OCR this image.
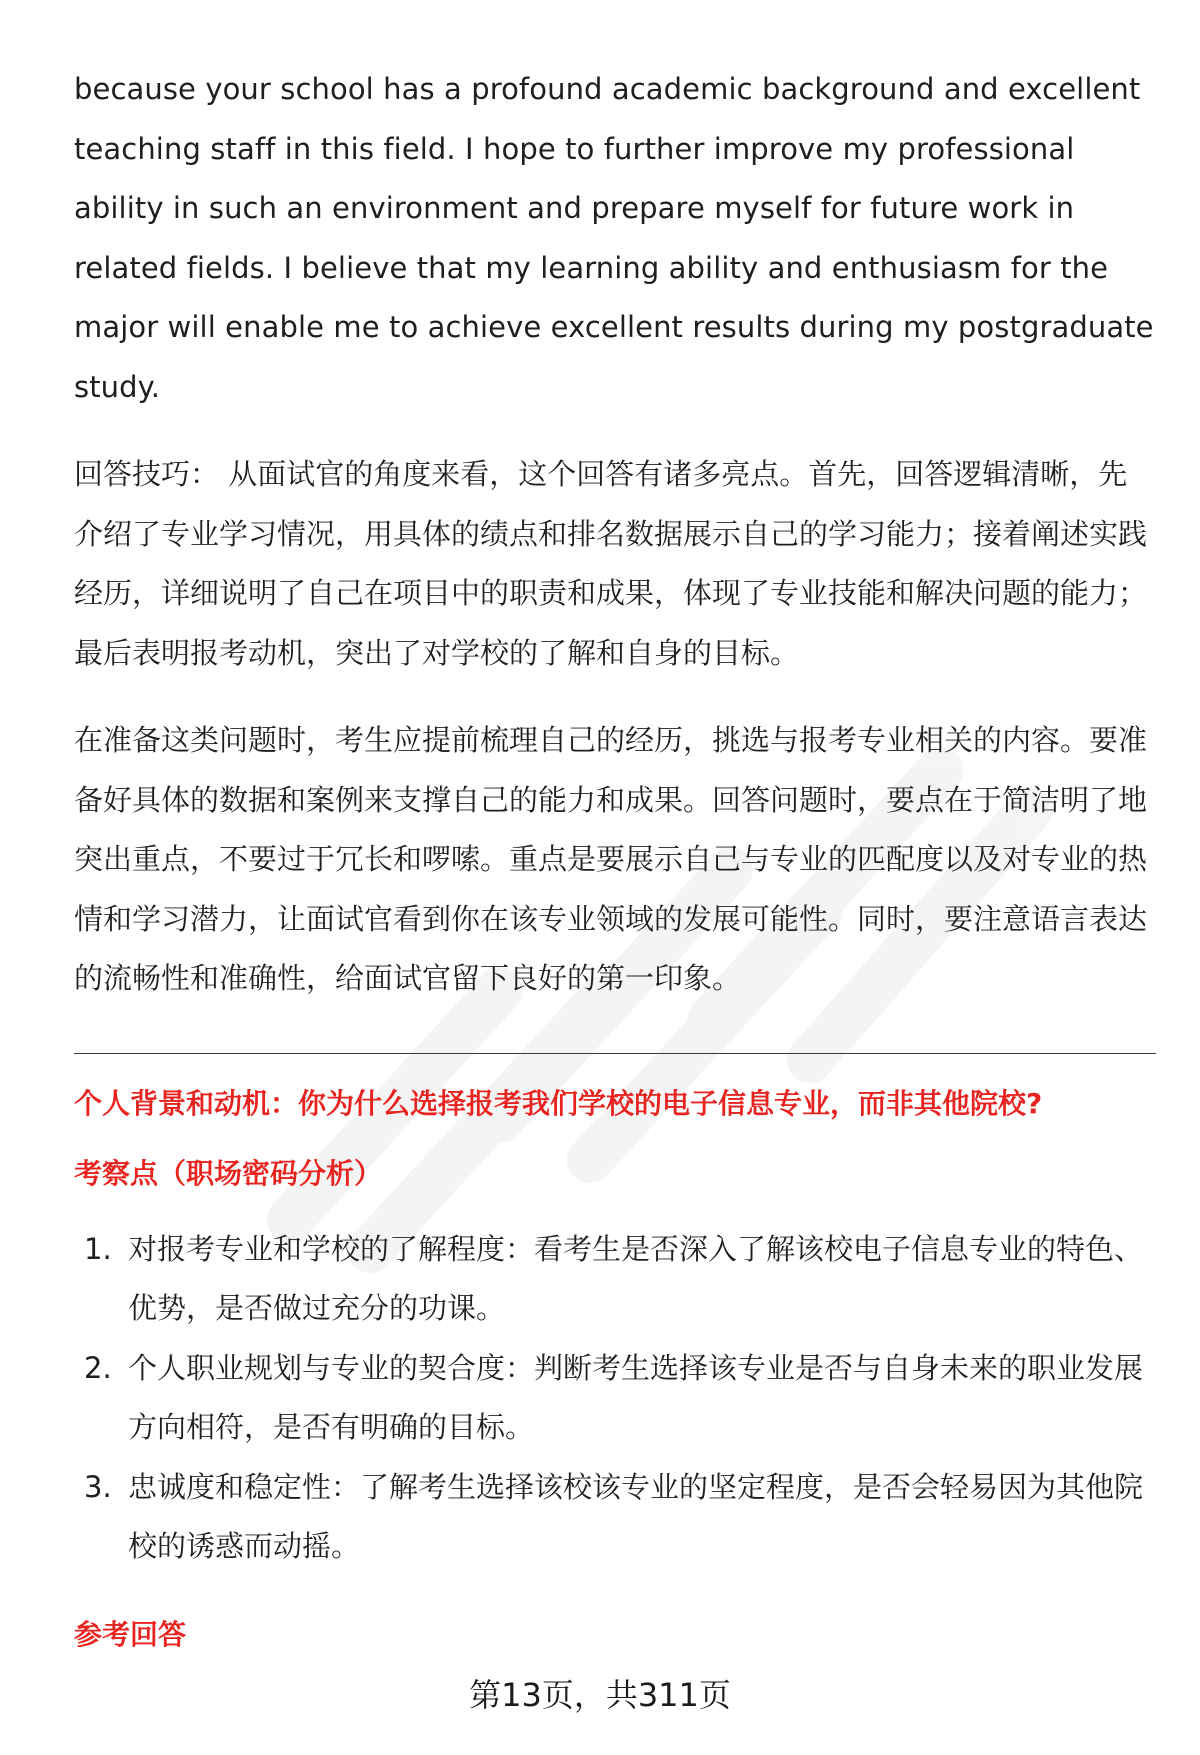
because your school has a profound academic background and excellent teaching staff in this field. I hope to further improve my professional ability in such an environment and prepare myself for future work in related fields. I believe that my learning ability and enthusiasm for the major will enable me to achieve excellent results during my postgraduate study.

回答技巧： 从面试官的角度来看，这个回答有诸多亮点。首先，回答逻辑清晰，先介绍了专业学习情况，用具体的绩点和排名数据展示自己的学习能力；接着阐述实践经历，详细说明了自己在项目中的职责和成果，体现了专业技能和解决问题的能力；最后表明报考动机，突出了对学校的了解和自身的目标。

在准备这类问题时，考生应提前梳理自己的经历，挑选与报考专业相关的内容。要准备好具体的数据和案例来支撑自己的能力和成果。回答问题时，要点在于简洁明了地突出重点，不要过于冗长和啰嗦。重点是要展示自己与专业的匹配度以及对专业的热情和学习潜力，让面试官看到你在该专业领域的发展可能性。同时，要注意语言表达的流畅性和准确性，给面试官留下良好的第一印象。

个人背景和动机：你为什么选择报考我们学校的电子信息专业，而非其他院校?

考察点（职场密码分析）

1. 对报考专业和学校的了解程度：看考生是否深入了解该校电子信息专业的特色、优势，是否做过充分的功课。
2. 个人职业规划与专业的契合度：判断考生选择该专业是否与自身未来的职业发展方向相符，是否有明确的目标。
3. 忠诚度和稳定性：了解考生选择该校该专业的坚定程度，是否会轻易因为其他院校的诱惑而动摇。

参考回答

第13页，共311页
